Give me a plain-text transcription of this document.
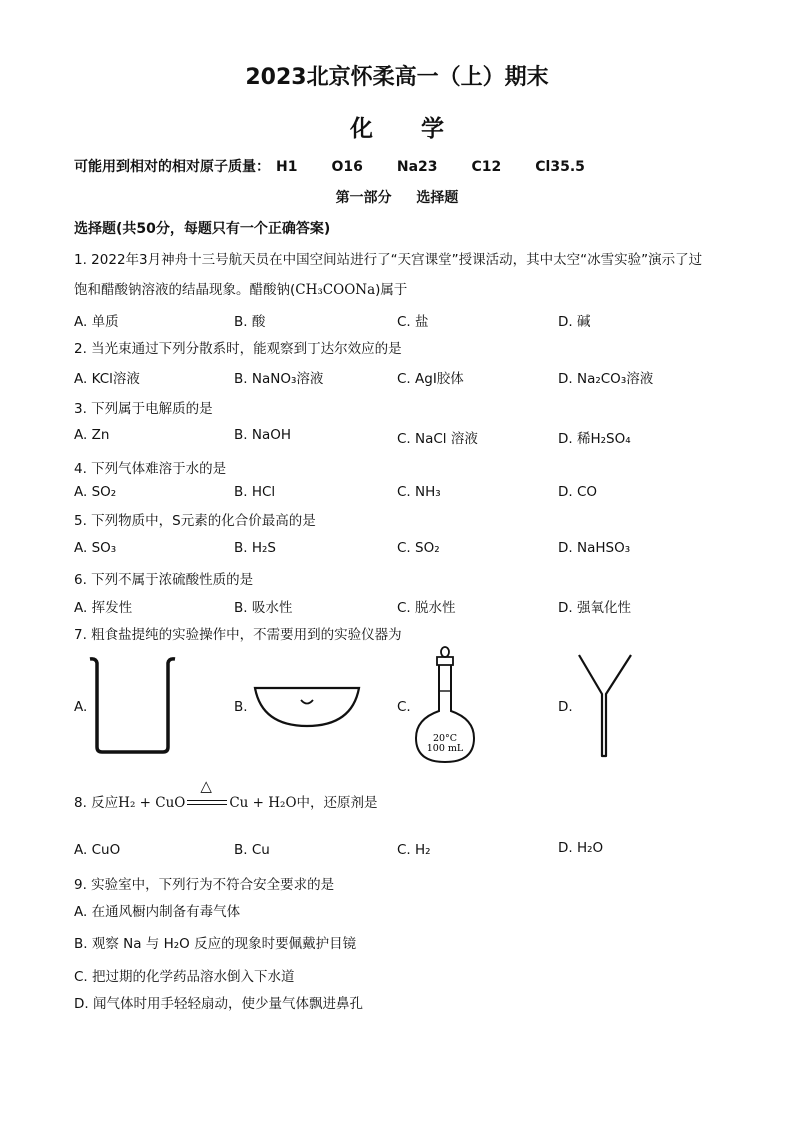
2023北京怀柔高一（上）期末
化学
可能用到相对的相对原子质量： H1 O16 Na23 C12 Cl35.5
第一部分 选择题
选择题(共50分，每题只有一个正确答案)
1. 2022年3月神舟十三号航天员在中国空间站进行了“天宫课堂”授课活动，其中太空“冰雪实验”演示了过
饱和醋酸钠溶液的结晶现象。醋酸钠(CH₃COONa)属于
A. 单质	B. 酸	C. 盐	D. 碱
2. 当光束通过下列分散系时，能观察到丁达尔效应的是
A. KCl溶液	B. NaNO₃溶液	C. AgI胶体	D. Na₂CO₃溶液
3. 下列属于电解质的是
A. Zn	B. NaOH	C. NaCl 溶液	D. 稀H₂SO₄
4. 下列气体难溶于水的是
A. SO₂	B. HCl	C. NH₃	D. CO
5. 下列物质中，S元素的化合价最高的是
A. SO₃	B. H₂S	C. SO₂	D. NaHSO₃
6. 下列不属于浓硫酸性质的是
A. 挥发性	B. 吸水性	C. 脱水性	D. 强氧化性
7. 粗食盐提纯的实验操作中，不需要用到的实验仪器为
A.	B.	C.	D.
20°C
100 mL
8. 反应H₂ + CuO
△
Cu + H₂O中，还原剂是
A. CuO	B. Cu	C. H₂	D. H₂O
9. 实验室中，下列行为不符合安全要求的是
A. 在通风橱内制备有毒气体
B. 观察 Na 与 H₂O 反应的现象时要佩戴护目镜
C. 把过期的化学药品溶水倒入下水道
D. 闻气体时用手轻轻扇动，使少量气体飘进鼻孔
